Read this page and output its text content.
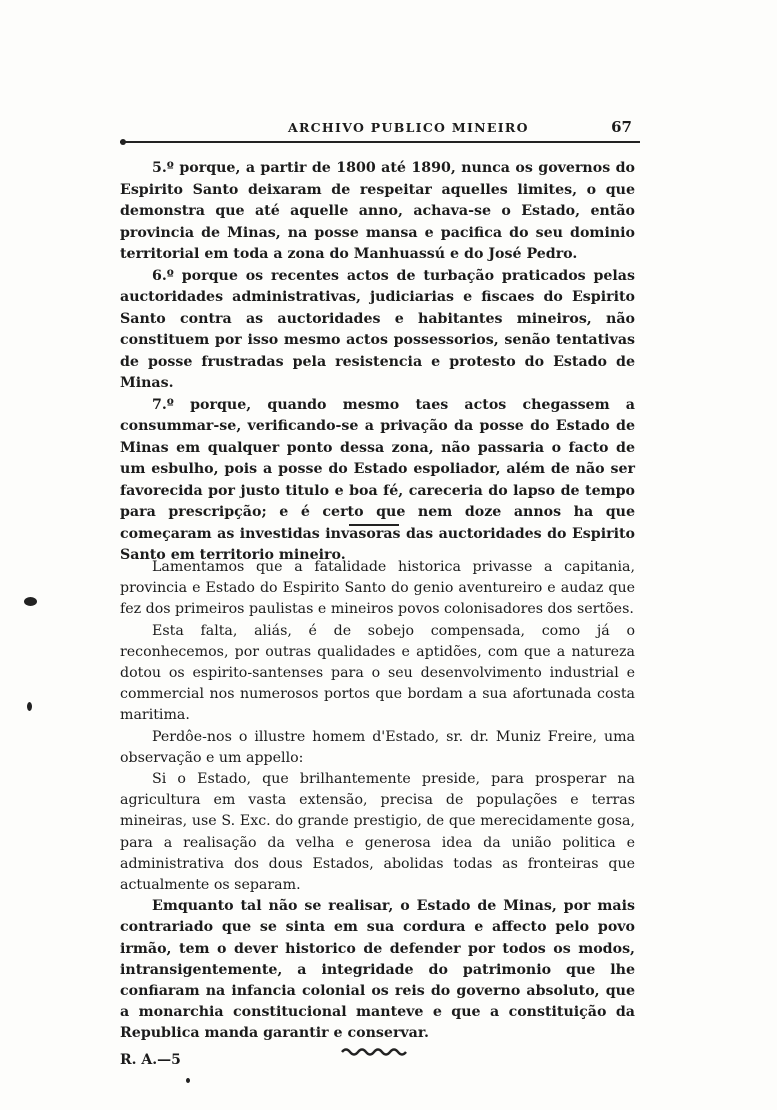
ARCHIVO PUBLICO MINEIRO	67

5.º porque, a partir de 1800 até 1890, nunca os governos do Espirito Santo deixaram de respeitar aquelles limites, o que demonstra que até aquelle anno, achava-se o Estado, então provincia de Minas, na posse mansa e pacifica do seu dominio territorial em toda a zona do Manhuassú e do José Pedro.

6.º porque os recentes actos de turbação praticados pelas auctoridades administrativas, judiciarias e fiscaes do Espirito Santo contra as auctoridades e habitantes mineiros, não constituem por isso mesmo actos possessorios, senão tentativas de posse frustradas pela resistencia e protesto do Estado de Minas.

7.º porque, quando mesmo taes actos chegassem a consummar-se, verificando-se a privação da posse do Estado de Minas em qualquer ponto dessa zona, não passaria o facto de um esbulho, pois a posse do Estado espoliador, além de não ser favorecida por justo titulo e boa fé, careceria do lapso de tempo para prescripção; e é certo que nem doze annos ha que começaram as investidas invasoras das auctoridades do Espirito Santo em territorio mineiro.

Lamentamos que a fatalidade historica privasse a capitania, provincia e Estado do Espirito Santo do genio aventureiro e audaz que fez dos primeiros paulistas e mineiros povos colonisadores dos sertões.

Esta falta, aliás, é de sobejo compensada, como já o reconhecemos, por outras qualidades e aptidões, com que a natureza dotou os espirito-santenses para o seu desenvolvimento industrial e commercial nos numerosos portos que bordam a sua afortunada costa maritima.

Perdôe-nos o illustre homem d'Estado, sr. dr. Muniz Freire, uma observação e um appello:

Si o Estado, que brilhantemente preside, para prosperar na agricultura em vasta extensão, precisa de populações e terras mineiras, use S. Exc. do grande prestigio, de que merecidamente gosa, para a realisação da velha e generosa idea da união politica e administrativa dos dous Estados, abolidas todas as fronteiras que actualmente os separam.

Emquanto tal não se realisar, o Estado de Minas, por mais contrariado que se sinta em sua cordura e affecto pelo povo irmão, tem o dever historico de defender por todos os modos, intransigentemente, a integridade do patrimonio que lhe confiaram na infancia colonial os reis do governo absoluto, que a monarchia constitucional manteve e que a constituição da Republica manda garantir e conservar.

R. A.—5
